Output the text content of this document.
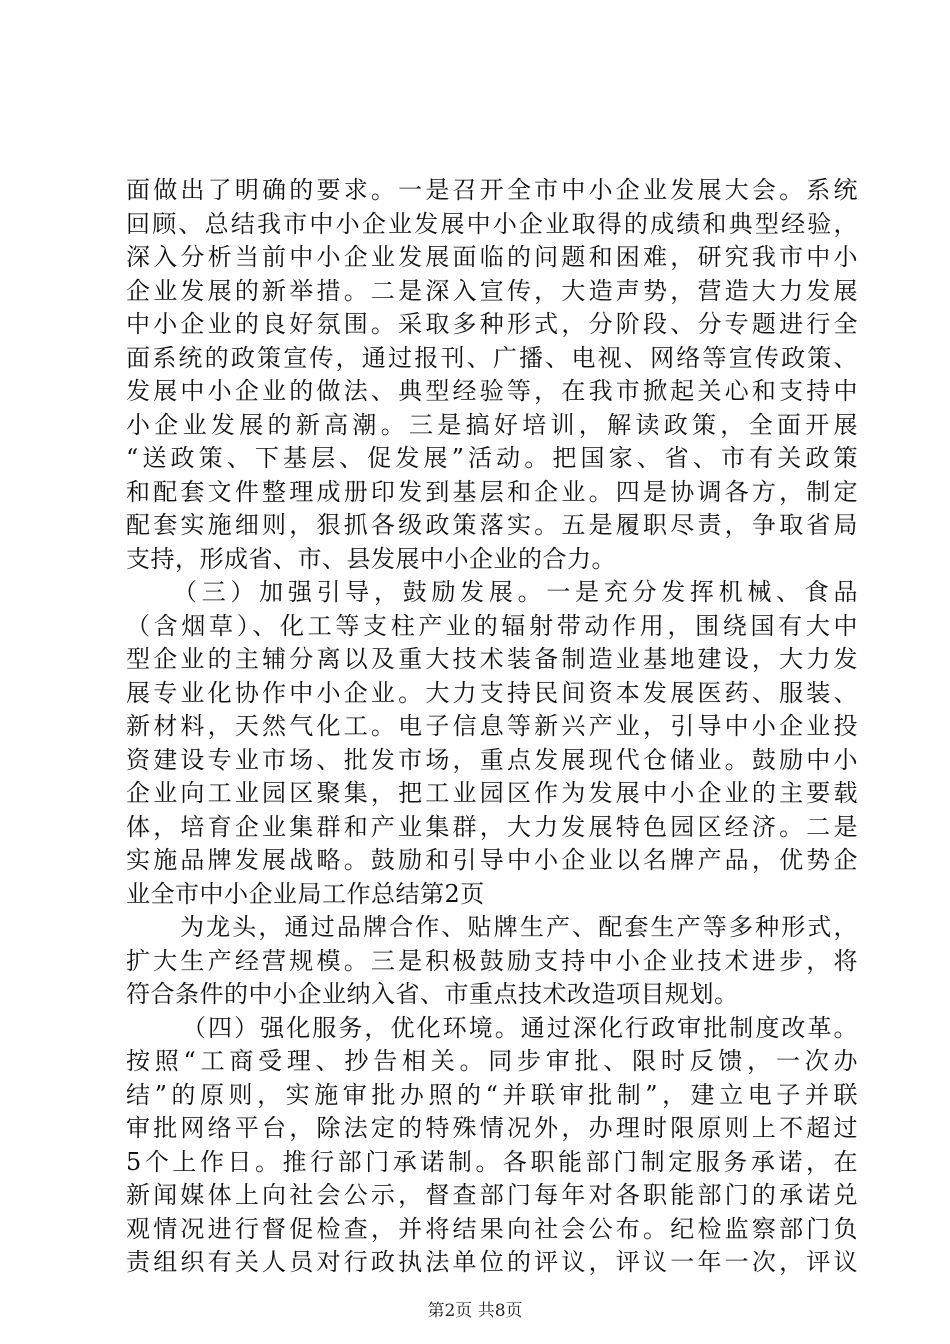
面做出了明确的要求。一是召开全市中小企业发展大会。系统
回顾、总结我市中小企业发展中小企业取得的成绩和典型经验，
深入分析当前中小企业发展面临的问题和困难，研究我市中小
企业发展的新举措。二是深入宣传，大造声势，营造大力发展
中小企业的良好氛围。采取多种形式，分阶段、分专题进行全
面系统的政策宣传，通过报刊、广播、电视、网络等宣传政策、
发展中小企业的做法、典型经验等，在我市掀起关心和支持中
小企业发展的新高潮。三是搞好培训，解读政策，全面开展
“送政策、下基层、促发展”活动。把国家、省、市有关政策
和配套文件整理成册印发到基层和企业。四是协调各方，制定
配套实施细则，狠抓各级政策落实。五是履职尽责，争取省局
支持，形成省、市、县发展中小企业的合力。
（三）加强引导，鼓励发展。一是充分发挥机械、食品
（含烟草）、化工等支柱产业的辐射带动作用，围绕国有大中
型企业的主辅分离以及重大技术装备制造业基地建设，大力发
展专业化协作中小企业。大力支持民间资本发展医药、服装、
新材料，天然气化工。电子信息等新兴产业，引导中小企业投
资建设专业市场、批发市场，重点发展现代仓储业。鼓励中小
企业向工业园区聚集，把工业园区作为发展中小企业的主要载
体，培育企业集群和产业集群，大力发展特色园区经济。二是
实施品牌发展战略。鼓励和引导中小企业以名牌产品，优势企
业全市中小企业局工作总结第2页
为龙头，通过品牌合作、贴牌生产、配套生产等多种形式，
扩大生产经营规模。三是积极鼓励支持中小企业技术进步，将
符合条件的中小企业纳入省、市重点技术改造项目规划。
（四）强化服务，优化环境。通过深化行政审批制度改革。
按照“工商受理、抄告相关。同步审批、限时反馈，一次办
结”的原则，实施审批办照的“并联审批制”，建立电子并联
审批网络平台，除法定的特殊情况外，办理时限原则上不超过
5个上作日。推行部门承诺制。各职能部门制定服务承诺，在
新闻媒体上向社会公示，督查部门每年对各职能部门的承诺兑
观情况进行督促检查，并将结果向社会公布。纪检监察部门负
责组织有关人员对行政执法单位的评议，评议一年一次，评议
第2页 共8页
